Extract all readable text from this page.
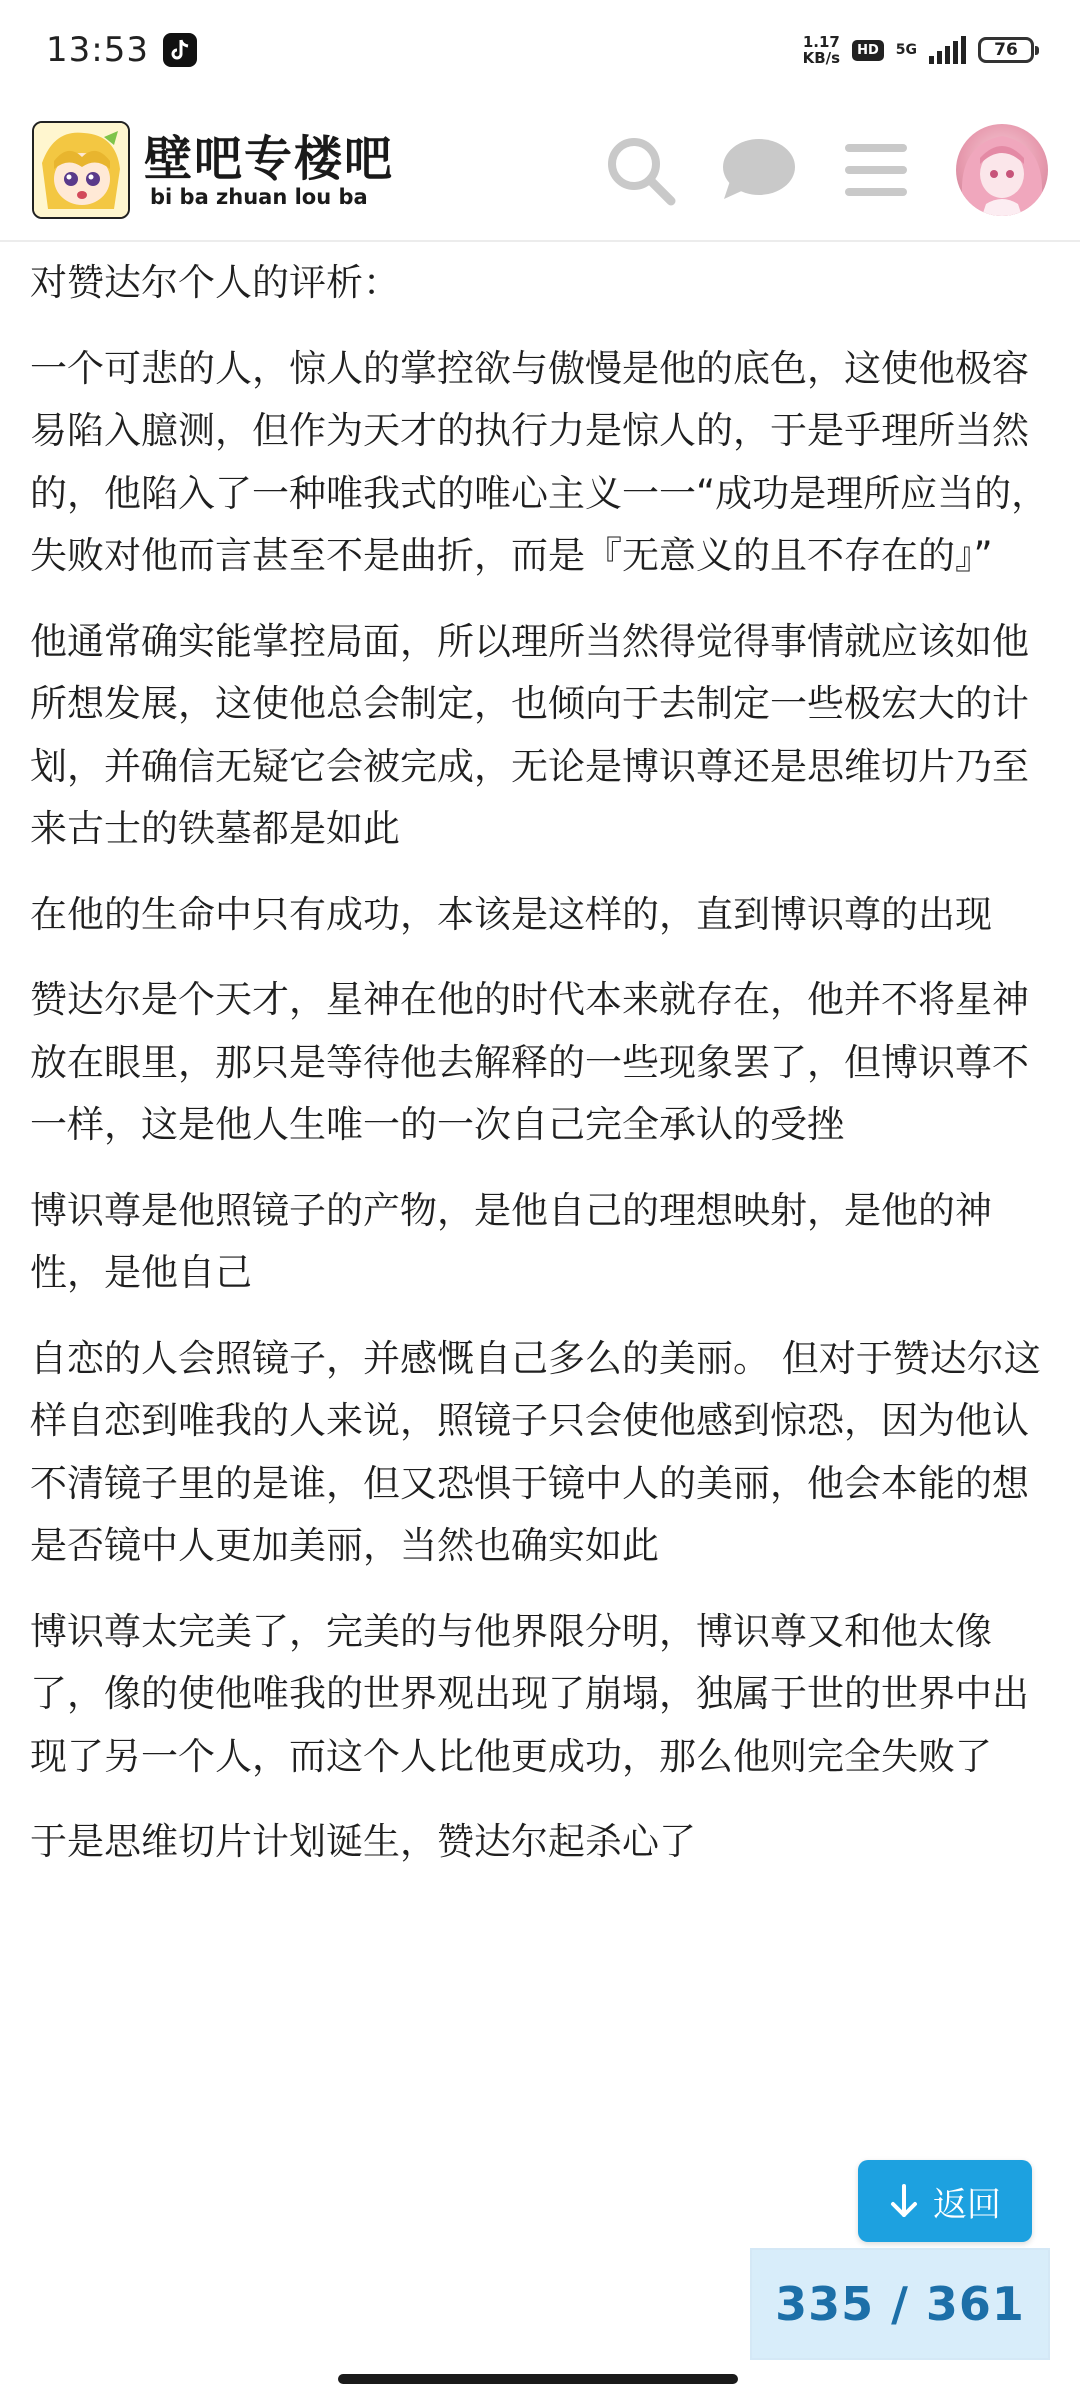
13:53	1.17
KB/s	HD	5G	76
壁吧专楼吧
bi ba zhuan lou ba

对赞达尔个人的评析：

一个可悲的人，惊人的掌控欲与傲慢是他的底色，这使他极容易陷入臆测，但作为天才的执行力是惊人的，于是乎理所当然的，他陷入了一种唯我式的唯心主义一一“成功是理所应当的，失败对他而言甚至不是曲折，而是『无意义的且不存在的』”

他通常确实能掌控局面，所以理所当然得觉得事情就应该如他所想发展，这使他总会制定，也倾向于去制定一些极宏大的计划，并确信无疑它会被完成，无论是博识尊还是思维切片乃至来古士的铁墓都是如此

在他的生命中只有成功，本该是这样的，直到博识尊的出现

赞达尔是个天才，星神在他的时代本来就存在，他并不将星神放在眼里，那只是等待他去解释的一些现象罢了，但博识尊不一样，这是他人生唯一的一次自己完全承认的受挫

博识尊是他照镜子的产物，是他自己的理想映射，是他的神性，是他自己

自恋的人会照镜子，并感慨自己多么的美丽。 但对于赞达尔这样自恋到唯我的人来说，照镜子只会使他感到惊恐，因为他认不清镜子里的是谁，但又恐惧于镜中人的美丽，他会本能的想是否镜中人更加美丽，当然也确实如此

博识尊太完美了，完美的与他界限分明，博识尊又和他太像了，像的使他唯我的世界观出现了崩塌，独属于世的世界中出现了另一个人，而这个人比他更成功，那么他则完全失败了

于是思维切片计划诞生，赞达尔起杀心了

返回
335 / 361
